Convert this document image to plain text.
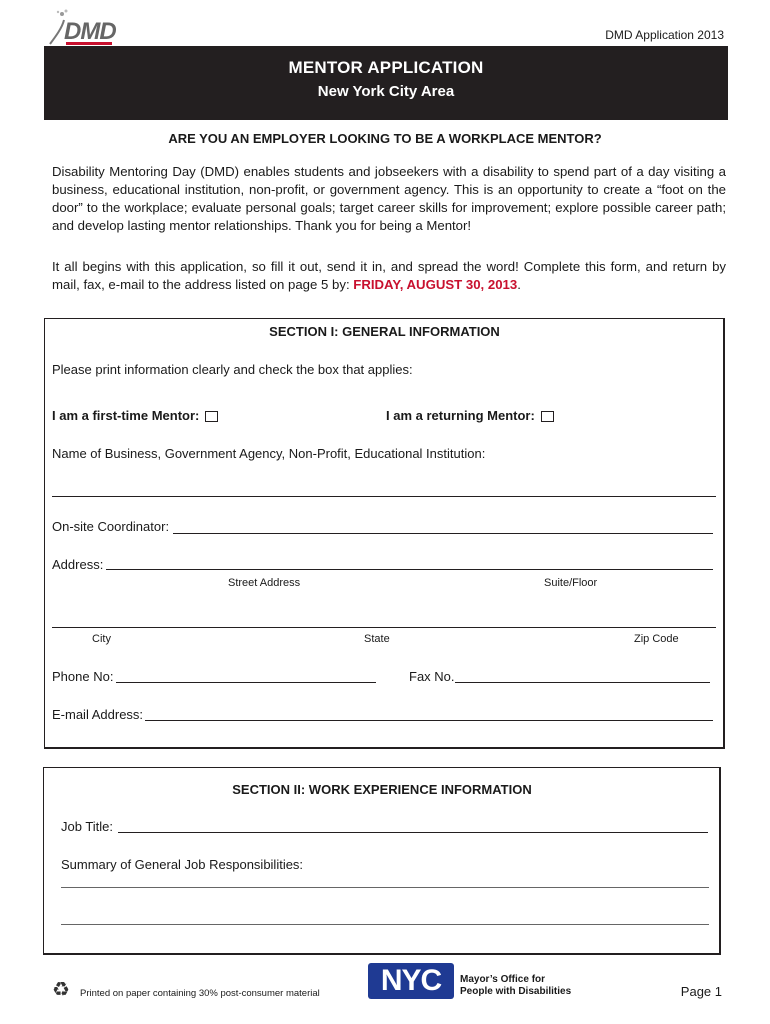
DMD	DMD Application 2013
MENTOR APPLICATION
New York City Area
ARE YOU AN EMPLOYER LOOKING TO BE A WORKPLACE MENTOR?
Disability Mentoring Day (DMD) enables students and jobseekers with a disability to spend part of a day visiting a business, educational institution, non-profit, or government agency. This is an opportunity to create a “foot on the door” to the workplace; evaluate personal goals; target career skills for improvement; explore possible career path; and develop lasting mentor relationships. Thank you for being a Mentor!
It all begins with this application, so fill it out, send it in, and spread the word! Complete this form, and return by mail, fax, e-mail to the address listed on page 5 by: FRIDAY, AUGUST 30, 2013.
SECTION I: GENERAL INFORMATION
Please print information clearly and check the box that applies:
I am a first-time Mentor:	I am a returning Mentor:
Name of Business, Government Agency, Non-Profit, Educational Institution:
On-site Coordinator:
Address:
Street Address	Suite/Floor
City	State	Zip Code
Phone No:	Fax No.
E-mail Address:
SECTION II: WORK EXPERIENCE INFORMATION
Job Title:
Summary of General Job Responsibilities:
♻ Printed on paper containing 30% post-consumer material	NYC	Mayor’s Office for
People with Disabilities	Page 1
